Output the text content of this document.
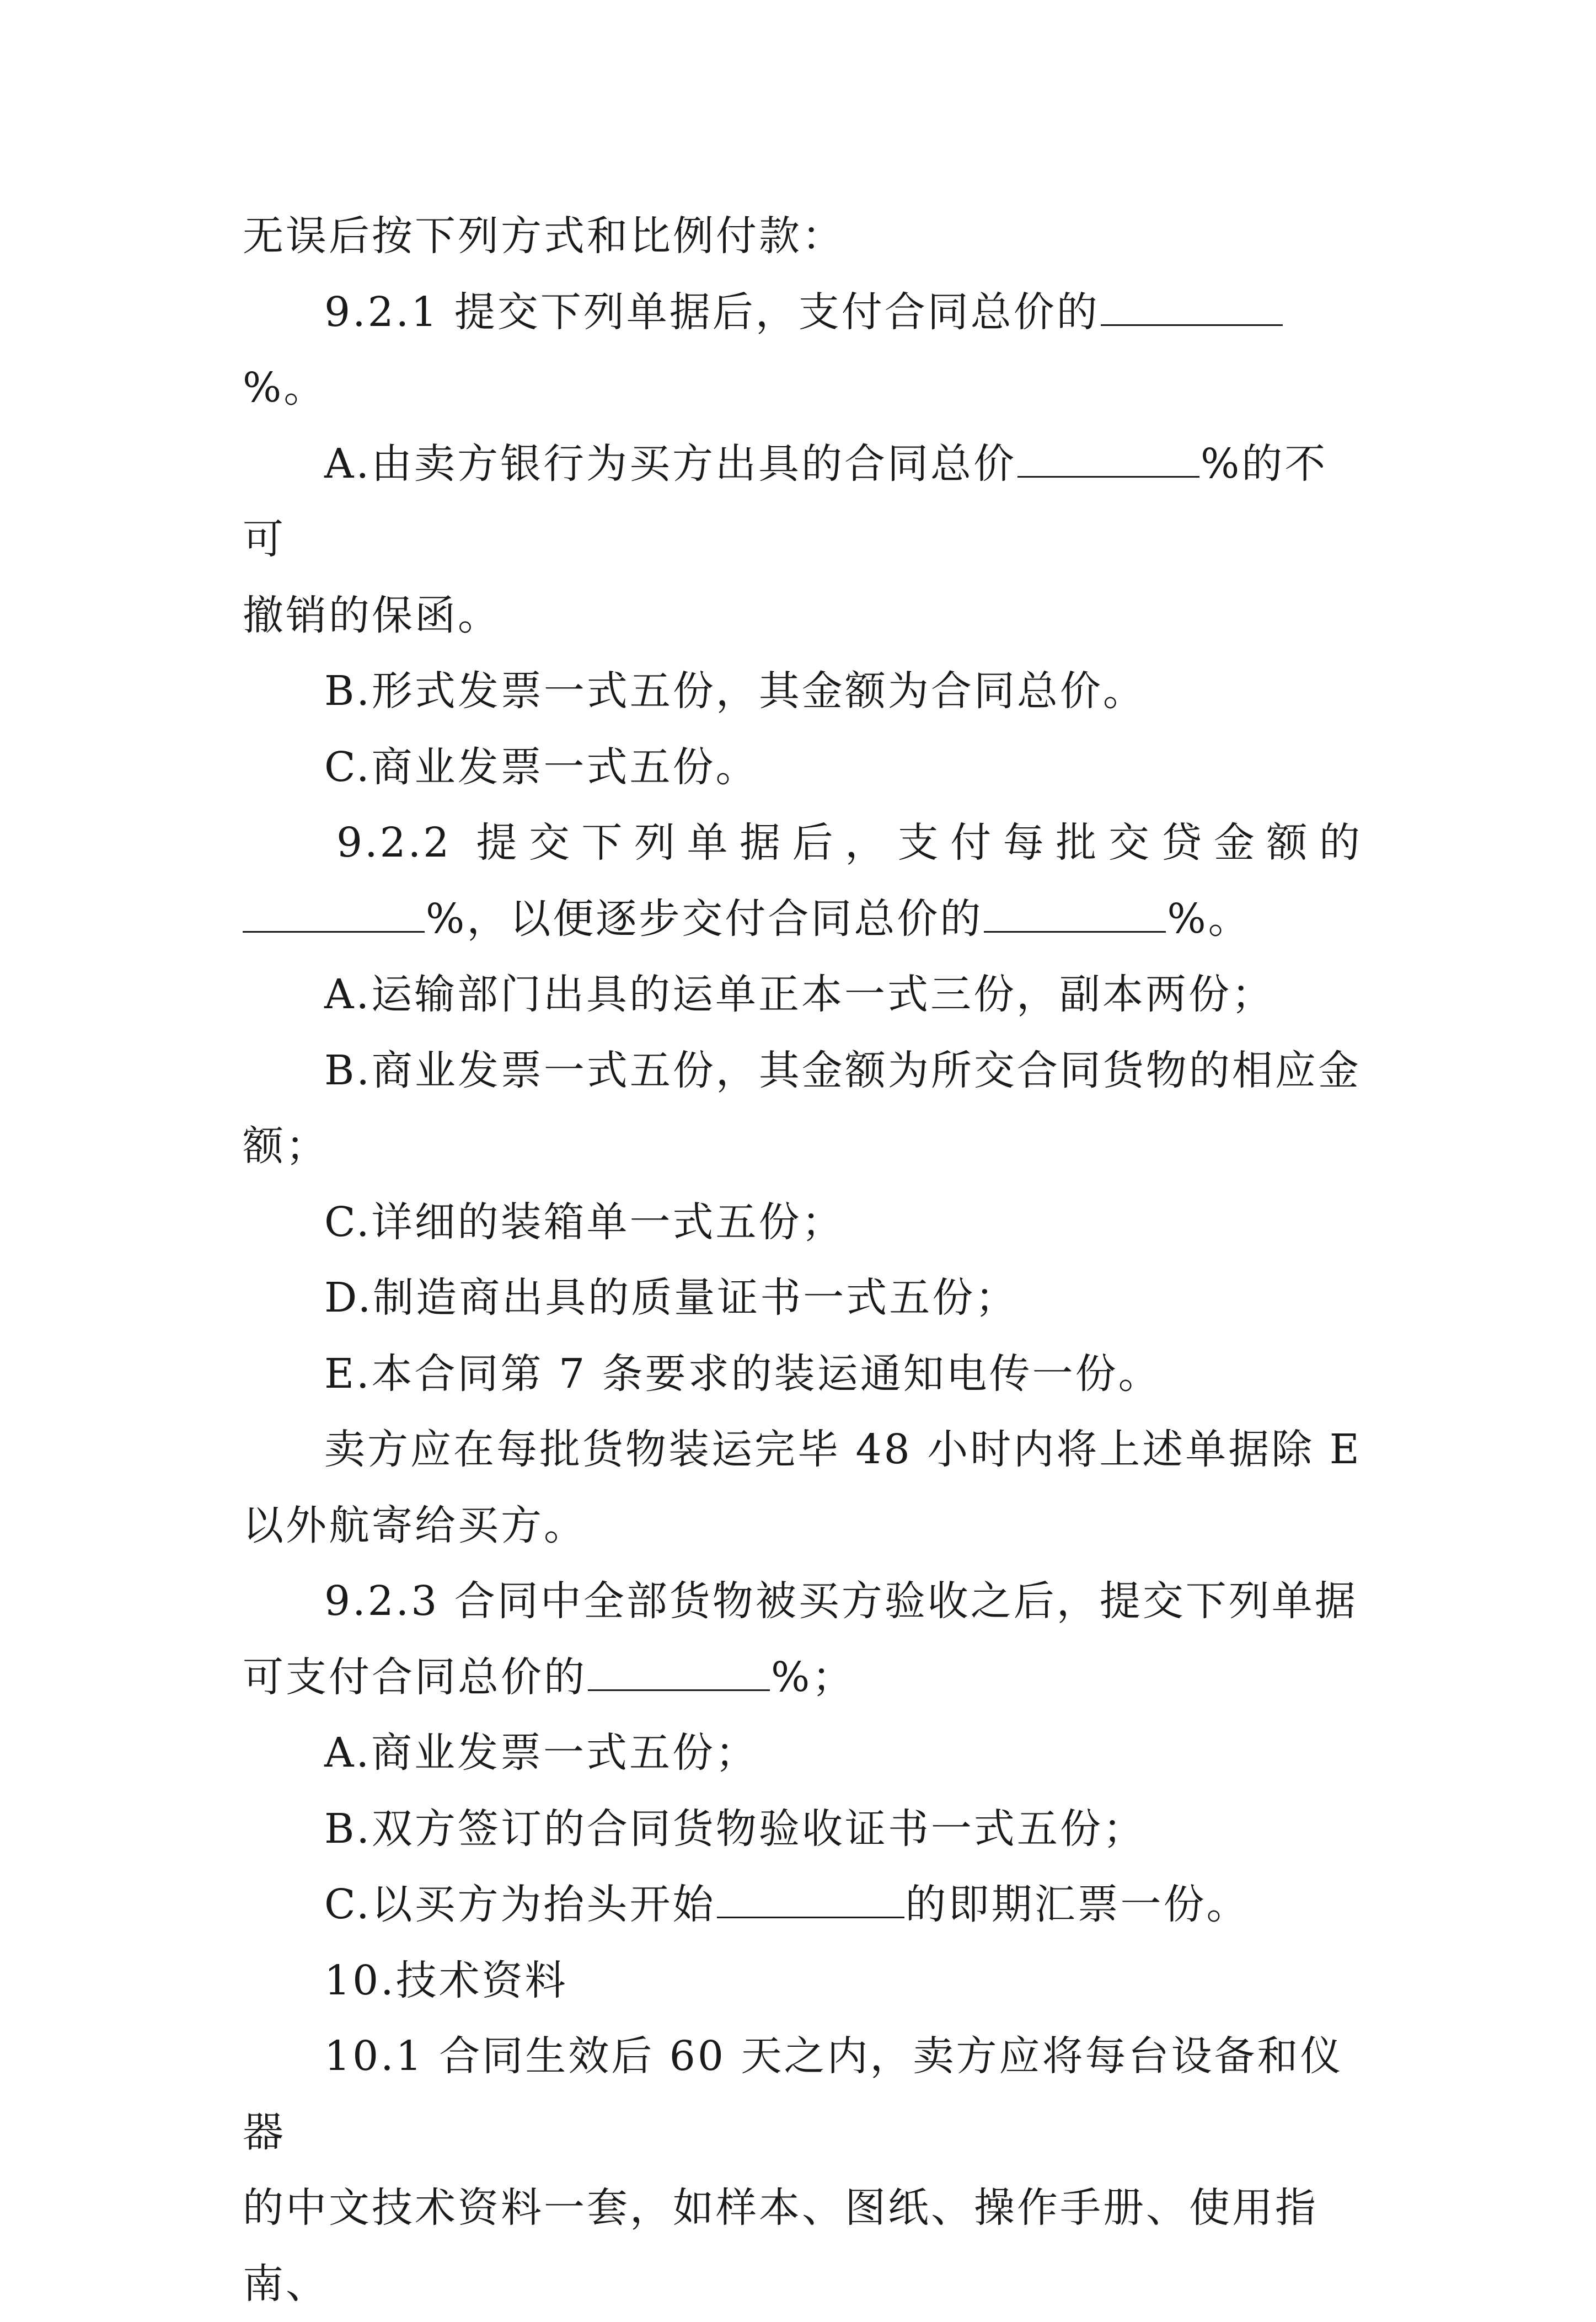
无误后按下列方式和比例付款：

9.2.1 提交下列单据后，支付合同总价的%。

A.由卖方银行为买方出具的合同总价	%的不可

撤销的保函。

B.形式发票一式五份，其金额为合同总价。

C.商业发票一式五份。

9.2.2 提交下列单据后，支付每批交贷金额的

%，以便逐步交付合同总价的	%。

A.运输部门出具的运单正本一式三份，副本两份；

B.商业发票一式五份，其金额为所交合同货物的相应金

额；

C.详细的装箱单一式五份；

D.制造商出具的质量证书一式五份；

E.本合同第 7 条要求的装运通知电传一份。

卖方应在每批货物装运完毕 48 小时内将上述单据除 E

以外航寄给买方。

9.2.3 合同中全部货物被买方验收之后，提交下列单据

可支付合同总价的	%；

A.商业发票一式五份；

B.双方签订的合同货物验收证书一式五份；

C.以买方为抬头开始	的即期汇票一份。

10.技术资料

10.1 合同生效后 60 天之内，卖方应将每台设备和仪器

的中文技术资料一套，如样本、图纸、操作手册、使用指南、
